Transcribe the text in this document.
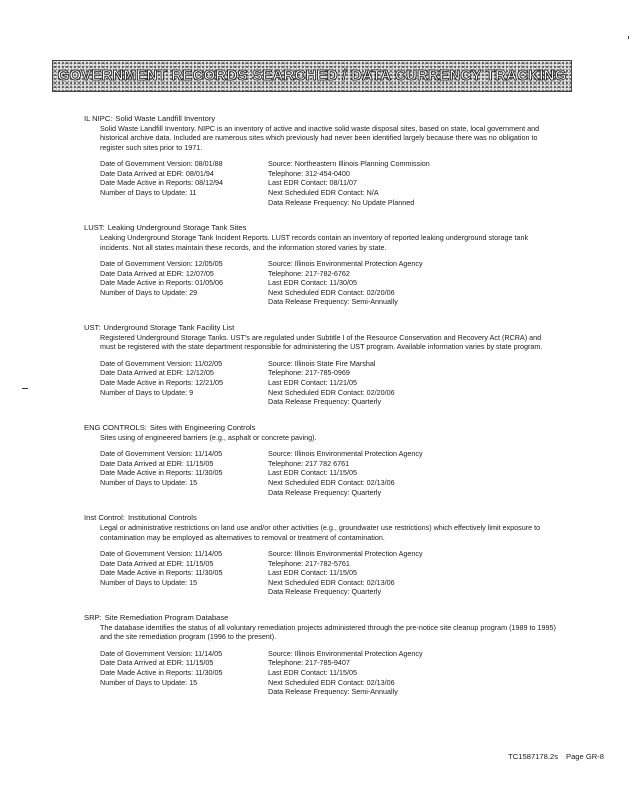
GOVERNMENT RECORDS SEARCHED / DATA CURRENCY TRACKING
IL NIPC: Solid Waste Landfill Inventory
Solid Waste Landfill Inventory. NIPC is an inventory of active and inactive solid waste disposal sites, based on state, local government and historical archive data. Included are numerous sites which previously had never been identified largely because there was no obligation to register such sites prior to 1971.
Date of Government Version: 08/01/88
Date Data Arrived at EDR: 08/01/94
Date Made Active in Reports: 08/12/94
Number of Days to Update: 11
Source: Northeastern Illinois Planning Commission
Telephone: 312-454-0400
Last EDR Contact: 08/11/07
Next Scheduled EDR Contact: N/A
Data Release Frequency: No Update Planned
LUST: Leaking Underground Storage Tank Sites
Leaking Underground Storage Tank Incident Reports. LUST records contain an inventory of reported leaking underground storage tank incidents. Not all states maintain these records, and the information stored varies by state.
Date of Government Version: 12/05/05
Date Data Arrived at EDR: 12/07/05
Date Made Active in Reports: 01/05/06
Number of Days to Update: 29
Source: Illinois Environmental Protection Agency
Telephone: 217-782-6762
Last EDR Contact: 11/30/05
Next Scheduled EDR Contact: 02/20/06
Data Release Frequency: Semi-Annually
UST: Underground Storage Tank Facility List
Registered Underground Storage Tanks. UST's are regulated under Subtitle I of the Resource Conservation and Recovery Act (RCRA) and must be registered with the state department responsible for administering the UST program. Available information varies by state program.
Date of Government Version: 11/02/05
Date Data Arrived at EDR: 12/12/05
Date Made Active in Reports: 12/21/05
Number of Days to Update: 9
Source: Illinois State Fire Marshal
Telephone: 217-785-0969
Last EDR Contact: 11/21/05
Next Scheduled EDR Contact: 02/20/06
Data Release Frequency: Quarterly
ENG CONTROLS: Sites with Engineering Controls
Sites using of engineered barriers (e.g., asphalt or concrete paving).
Date of Government Version: 11/14/05
Date Data Arrived at EDR: 11/15/05
Date Made Active in Reports: 11/30/05
Number of Days to Update: 15
Source: Illinois Environmental Protection Agency
Telephone: 217 782 6761
Last EDR Contact: 11/15/05
Next Scheduled EDR Contact: 02/13/06
Data Release Frequency: Quarterly
Inst Control: Institutional Controls
Legal or administrative restrictions on land use and/or other activities (e.g., groundwater use restrictions) which effectively limit exposure to contamination may be employed as alternatives to removal or treatment of contamination.
Date of Government Version: 11/14/05
Date Data Arrived at EDR: 11/15/05
Date Made Active in Reports: 11/30/05
Number of Days to Update: 15
Source: Illinois Environmental Protection Agency
Telephone: 217-782-5761
Last EDR Contact: 11/15/05
Next Scheduled EDR Contact: 02/13/06
Data Release Frequency: Quarterly
SRP: Site Remediation Program Database
The database identifies the status of all voluntary remediation projects administered through the pre-notice site cleanup program (1989 to 1995) and the site remediation program (1996 to the present).
Date of Government Version: 11/14/05
Date Data Arrived at EDR: 11/15/05
Date Made Active in Reports: 11/30/05
Number of Days to Update: 15
Source: Illinois Environmental Protection Agency
Telephone: 217-785-9407
Last EDR Contact: 11/15/05
Next Scheduled EDR Contact: 02/13/06
Data Release Frequency: Semi-Annually
TC1587178.2s Page GR-8
